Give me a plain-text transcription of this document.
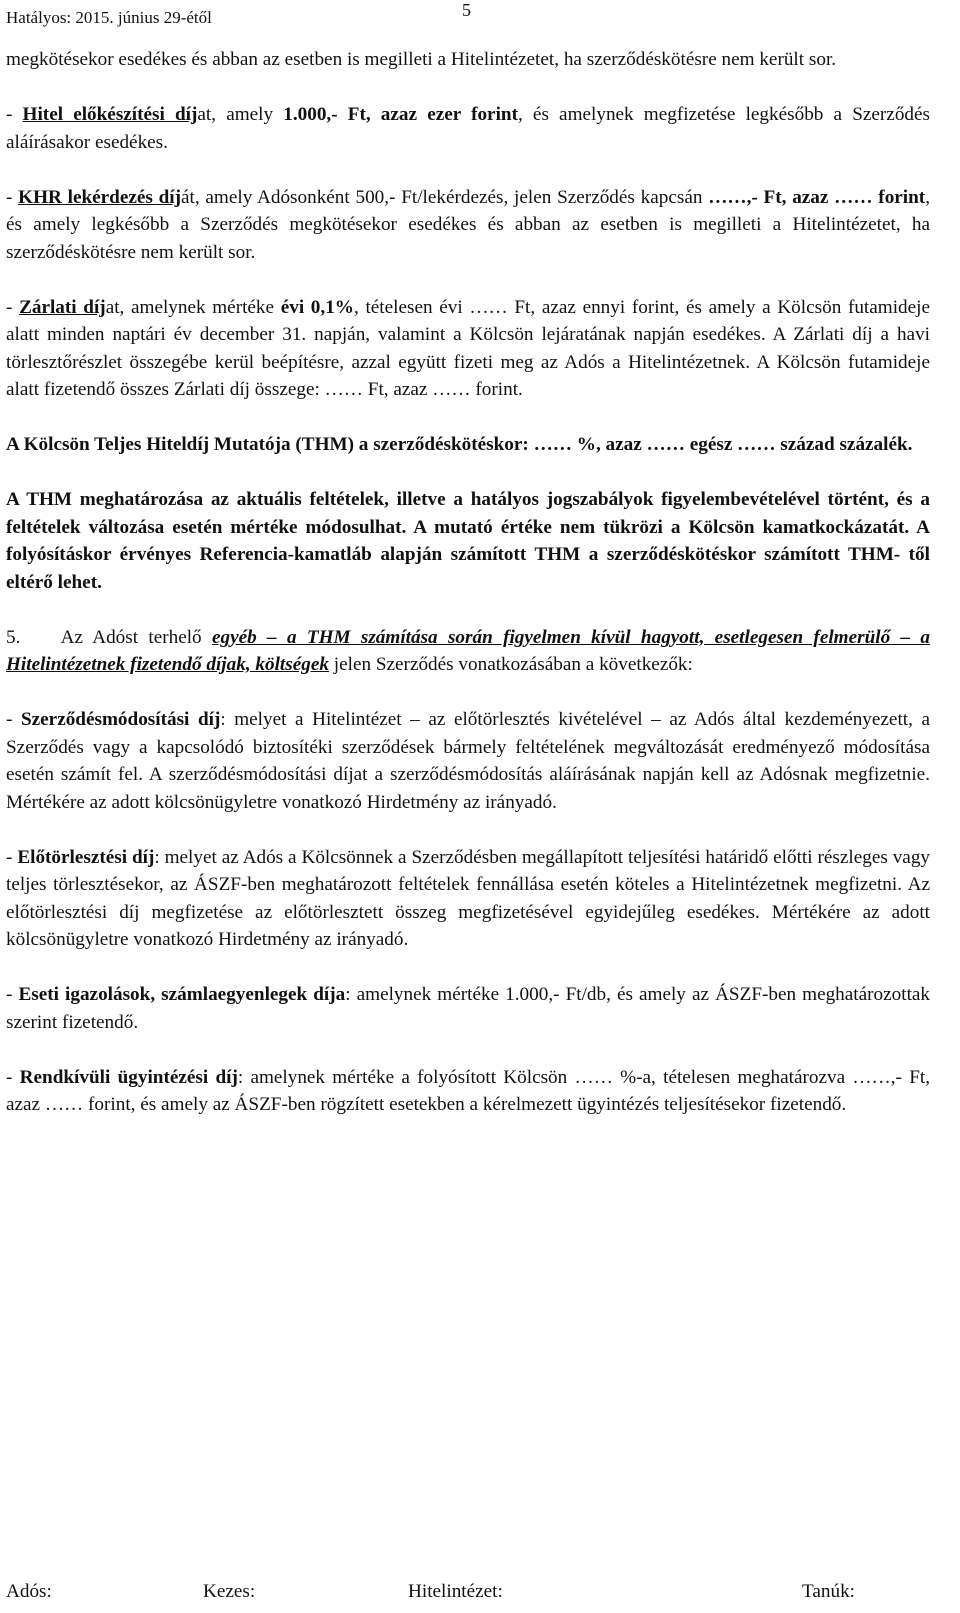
Hatályos: 2015. június 29-étől	5

megkötésekor esedékes és abban az esetben is megilleti a Hitelintézetet, ha szerződéskötésre nem került sor.

- Hitel előkészítési díjat, amely 1.000,- Ft, azaz ezer forint, és amelynek megfizetése legkésőbb a Szerződés aláírásakor esedékes.

- KHR lekérdezés díját, amely Adósonként 500,- Ft/lekérdezés, jelen Szerződés kapcsán ……,- Ft, azaz …… forint, és amely legkésőbb a Szerződés megkötésekor esedékes és abban az esetben is megilleti a Hitelintézetet, ha szerződéskötésre nem került sor.

- Zárlati díjat, amelynek mértéke évi 0,1%, tételesen évi …… Ft, azaz ennyi forint, és amely a Kölcsön futamideje alatt minden naptári év december 31. napján, valamint a Kölcsön lejáratának napján esedékes. A Zárlati díj a havi törlesztőrészlet összegébe kerül beépítésre, azzal együtt fizeti meg az Adós a Hitelintézetnek. A Kölcsön futamideje alatt fizetendő összes Zárlati díj összege: …… Ft, azaz …… forint.

A Kölcsön Teljes Hiteldíj Mutatója (THM) a szerződéskötéskor: …… %, azaz …… egész …… század százalék.

A THM meghatározása az aktuális feltételek, illetve a hatályos jogszabályok figyelembevételével történt, és a feltételek változása esetén mértéke módosulhat. A mutató értéke nem tükrözi a Kölcsön kamatkockázatát. A folyósításkor érvényes Referencia-kamatláb alapján számított THM a szerződéskötéskor számított THM- től eltérő lehet.

5.    Az Adóst terhelő egyéb – a THM számítása során figyelmen kívül hagyott, esetlegesen felmerülő – a Hitelintézetnek fizetendő díjak, költségek jelen Szerződés vonatkozásában a következők:

- Szerződésmódosítási díj: melyet a Hitelintézet – az előtörlesztés kivételével – az Adós által kezdeményezett, a Szerződés vagy a kapcsolódó biztosítéki szerződések bármely feltételének megváltozását eredményező módosítása esetén számít fel. A szerződésmódosítási díjat a szerződésmódosítás aláírásának napján kell az Adósnak megfizetnie. Mértékére az adott kölcsönügyletre vonatkozó Hirdetmény az irányadó.

- Előtörlesztési díj: melyet az Adós a Kölcsönnek a Szerződésben megállapított teljesítési határidő előtti részleges vagy teljes törlesztésekor, az ÁSZF-ben meghatározott feltételek fennállása esetén köteles a Hitelintézetnek megfizetni. Az előtörlesztési díj megfizetése az előtörlesztett összeg megfizetésével egyidejűleg esedékes. Mértékére az adott kölcsönügyletre vonatkozó Hirdetmény az irányadó.

- Eseti igazolások, számlaegyenlegek díja: amelynek mértéke 1.000,- Ft/db, és amely az ÁSZF-ben meghatározottak szerint fizetendő.

- Rendkívüli ügyintézési díj: amelynek mértéke a folyósított Kölcsön …… %-a, tételesen meghatározva ……,- Ft, azaz …… forint, és amely az ÁSZF-ben rögzített esetekben a kérelmezett ügyintézés teljesítésekor fizetendő.

Adós:	Kezes:	Hitelintézet:	Tanúk:
